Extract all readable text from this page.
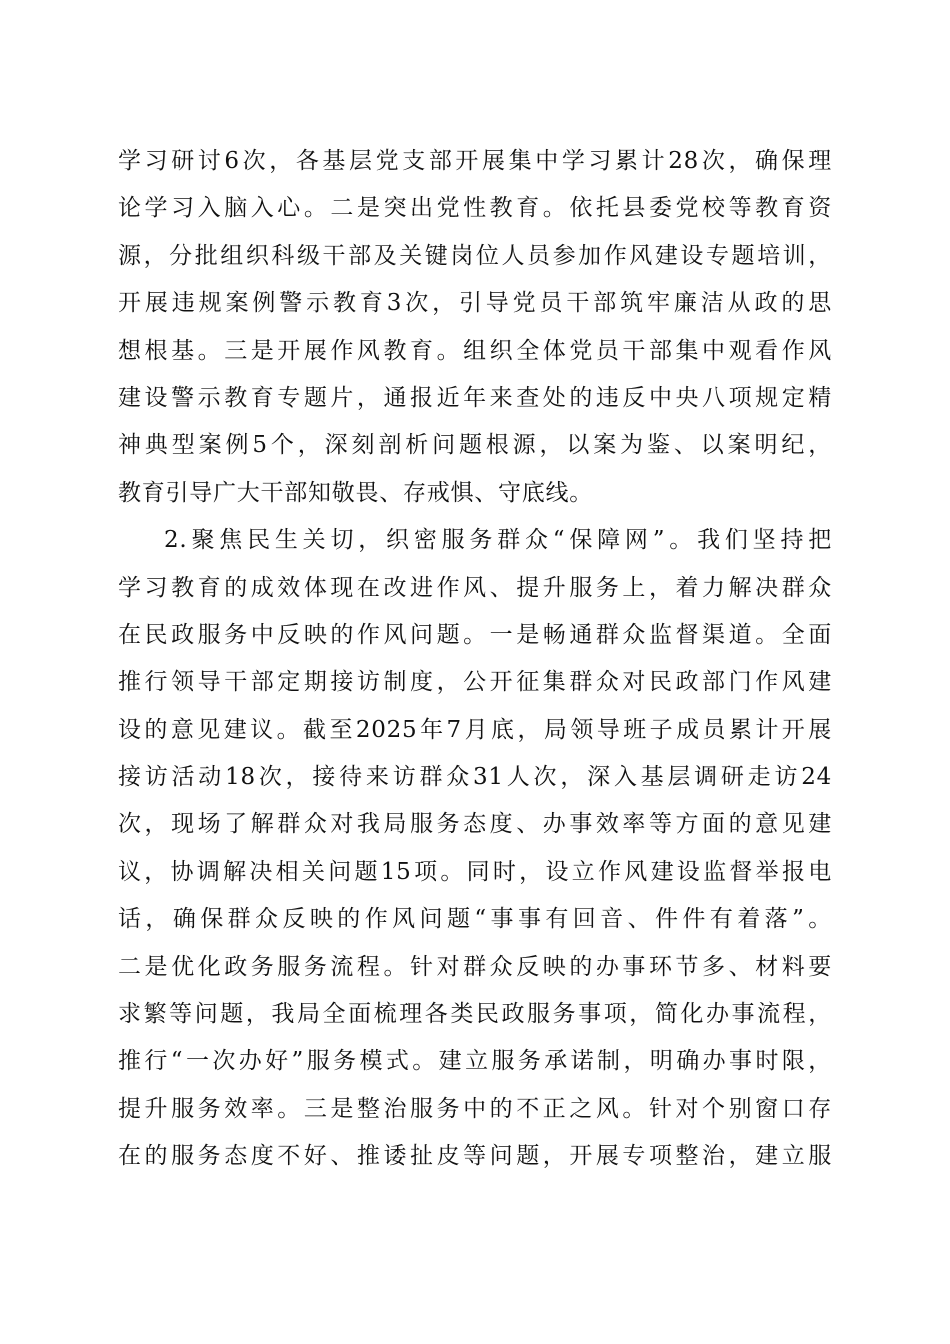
学习研讨6次，各基层党支部开展集中学习累计28次，确保理
论学习入脑入心。二是突出党性教育。依托县委党校等教育资
源，分批组织科级干部及关键岗位人员参加作风建设专题培训，
开展违规案例警示教育3次，引导党员干部筑牢廉洁从政的思
想根基。三是开展作风教育。组织全体党员干部集中观看作风
建设警示教育专题片，通报近年来查处的违反中央八项规定精
神典型案例5个，深刻剖析问题根源，以案为鉴、以案明纪，
教育引导广大干部知敬畏、存戒惧、守底线。
2.聚焦民生关切，织密服务群众“保障网”。我们坚持把
学习教育的成效体现在改进作风、提升服务上，着力解决群众
在民政服务中反映的作风问题。一是畅通群众监督渠道。全面
推行领导干部定期接访制度，公开征集群众对民政部门作风建
设的意见建议。截至2025年7月底，局领导班子成员累计开展
接访活动18次，接待来访群众31人次，深入基层调研走访24
次，现场了解群众对我局服务态度、办事效率等方面的意见建
议，协调解决相关问题15项。同时，设立作风建设监督举报电
话，确保群众反映的作风问题“事事有回音、件件有着落”。
二是优化政务服务流程。针对群众反映的办事环节多、材料要
求繁等问题，我局全面梳理各类民政服务事项，简化办事流程，
推行“一次办好”服务模式。建立服务承诺制，明确办事时限，
提升服务效率。三是整治服务中的不正之风。针对个别窗口存
在的服务态度不好、推诿扯皮等问题，开展专项整治，建立服
